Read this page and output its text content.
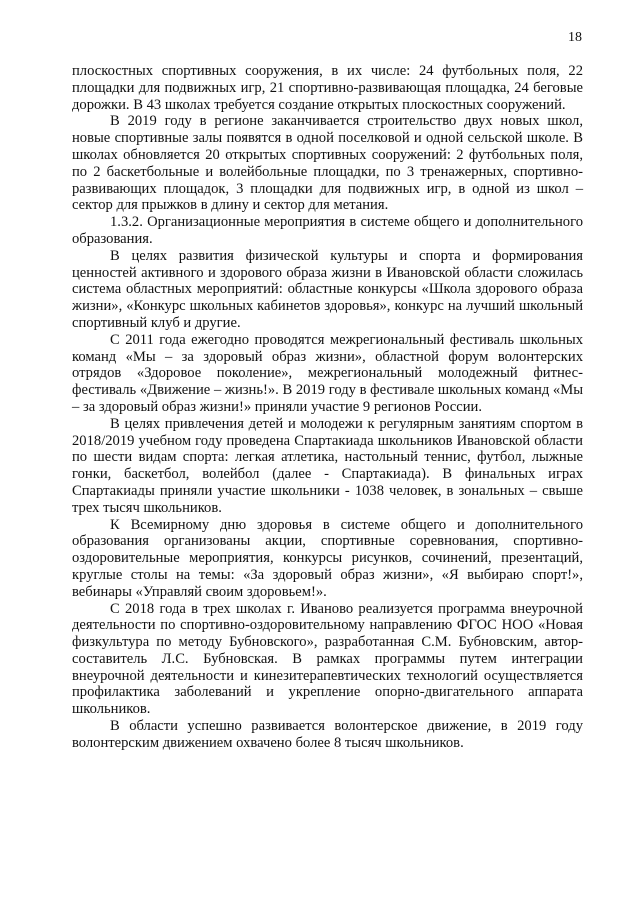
18

плоскостных спортивных сооружения, в их числе: 24 футбольных поля, 22 площадки для подвижных игр, 21 спортивно-развивающая площадка, 24 беговые дорожки. В 43 школах требуется создание открытых плоскостных сооружений.

В 2019 году в регионе заканчивается строительство двух новых школ, новые спортивные залы появятся в одной поселковой и одной сельской школе. В школах обновляется 20 открытых спортивных сооружений: 2 футбольных поля, по 2 баскетбольные и волейбольные площадки, по 3 тренажерных, спортивно-развивающих площадок, 3 площадки для подвижных игр, в одной из школ – сектор для прыжков в длину и сектор для метания.

1.3.2. Организационные мероприятия в системе общего и дополнительного образования.

В целях развития физической культуры и спорта и формирования ценностей активного и здорового образа жизни в Ивановской области сложилась система областных мероприятий: областные конкурсы «Школа здорового образа жизни», «Конкурс школьных кабинетов здоровья», конкурс на лучший школьный спортивный клуб и другие.

С 2011 года ежегодно проводятся межрегиональный фестиваль школьных команд «Мы – за здоровый образ жизни», областной форум волонтерских отрядов «Здоровое поколение», межрегиональный молодежный фитнес-фестиваль «Движение – жизнь!». В 2019 году в фестивале школьных команд «Мы – за здоровый образ жизни!» приняли участие 9 регионов России.

В целях привлечения детей и молодежи к регулярным занятиям спортом в 2018/2019 учебном году проведена Спартакиада школьников Ивановской области по шести видам спорта: легкая атлетика, настольный теннис, футбол, лыжные гонки, баскетбол, волейбол (далее - Спартакиада). В финальных играх Спартакиады приняли участие школьники - 1038 человек, в зональных – свыше трех тысяч школьников.

К Всемирному дню здоровья в системе общего и дополнительного образования организованы акции, спортивные соревнования, спортивно-оздоровительные мероприятия, конкурсы рисунков, сочинений, презентаций, круглые столы на темы: «За здоровый образ жизни», «Я выбираю спорт!», вебинары «Управляй своим здоровьем!».

С 2018 года в трех школах г. Иваново реализуется программа внеурочной деятельности по спортивно-оздоровительному направлению ФГОС НОО «Новая физкультура по методу Бубновского», разработанная С.М. Бубновским, автор-составитель Л.С. Бубновская. В рамках программы путем интеграции внеурочной деятельности и кинезитерапевтических технологий осуществляется профилактика заболеваний и укрепление опорно-двигательного аппарата школьников.

В области успешно развивается волонтерское движение, в 2019 году волонтерским движением охвачено более 8 тысяч школьников.
